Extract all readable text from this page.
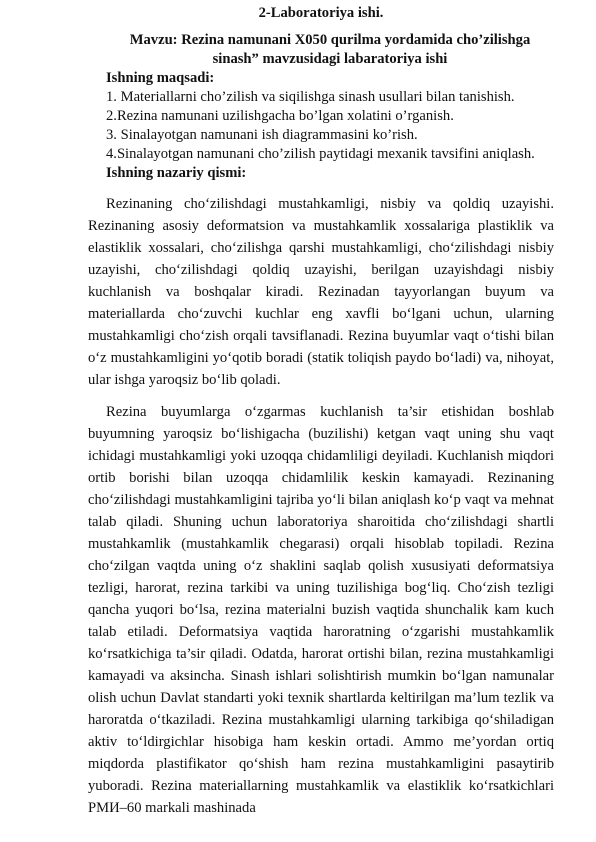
2-Laboratoriya ishi.

Mavzu: Rezina namunani X050 qurilma yordamida cho’zilishga sinash” mavzusidagi labaratoriya ishi

Ishning maqsadi:

1. Materiallarni cho’zilish va siqilishga sinash usullari bilan tanishish.

2.Rezina namunani uzilishgacha bo’lgan xolatini o’rganish.

3. Sinalayotgan namunani ish diagrammasini ko’rish.

4.Sinalayotgan namunani cho’zilish paytidagi mexanik tavsifini aniqlash.

Ishning nazariy qismi:

Rezinaning cho‘zilishdagi mustahkamligi, nisbiy va qoldiq uzayishi. Rezinaning asosiy deformatsion va mustahkamlik xossalariga plastiklik va elastiklik xossalari, cho‘zilishga qarshi mustahkamligi, cho‘zilishdagi nisbiy uzayishi, cho‘zilishdagi qoldiq uzayishi, berilgan uzayishdagi nisbiy kuchlanish va boshqalar kiradi. Rezinadan tayyorlangan buyum va materiallarda cho‘zuvchi kuchlar eng xavfli bo‘lgani uchun, ularning mustahkamligi cho‘zish orqali tavsiflanadi. Rezina buyumlar vaqt o‘tishi bilan o‘z mustahkamligini yo‘qotib boradi (statik toliqish paydo bo‘ladi) va, nihoyat, ular ishga yaroqsiz bo‘lib qoladi.

Rezina buyumlarga o‘zgarmas kuchlanish ta’sir etishidan boshlab buyumning yaroqsiz bo‘lishigacha (buzilishi) ketgan vaqt uning shu vaqt ichidagi mustahkamligi yoki uzoqqa chidamliligi deyiladi. Kuchlanish miqdori ortib borishi bilan uzoqqa chidamlilik keskin kamayadi. Rezinaning cho‘zilishdagi mustahkamligini tajriba yo‘li bilan aniqlash ko‘p vaqt va mehnat talab qiladi. Shuning uchun laboratoriya sharoitida cho‘zilishdagi shartli mustahkamlik (mustahkamlik chegarasi) orqali hisoblab topiladi. Rezina cho‘zilgan vaqtda uning o‘z shaklini saqlab qolish xususiyati deformatsiya tezligi, harorat, rezina tarkibi va uning tuzilishiga bog‘liq. Cho‘zish tezligi qancha yuqori bo‘lsa, rezina materialni buzish vaqtida shunchalik kam kuch talab etiladi. Deformatsiya vaqtida haroratning o‘zgarishi mustahkamlik ko‘rsatkichiga ta’sir qiladi. Odatda, harorat ortishi bilan, rezina mustahkamligi kamayadi va aksincha. Sinash ishlari solishtirish mumkin bo‘lgan namunalar olish uchun Davlat standarti yoki texnik shartlarda keltirilgan ma’lum tezlik va haroratda o‘tkaziladi. Rezina mustahkamligi ularning tarkibiga qo‘shiladigan aktiv to‘ldirgichlar hisobiga ham keskin ortadi. Ammo me’yordan ortiq miqdorda plastifikator qo‘shish ham rezina mustahkamligini pasaytirib yuboradi. Rezina materiallarning mustahkamlik va elastiklik ko‘rsatkichlari РМИ–60 markali mashinada
